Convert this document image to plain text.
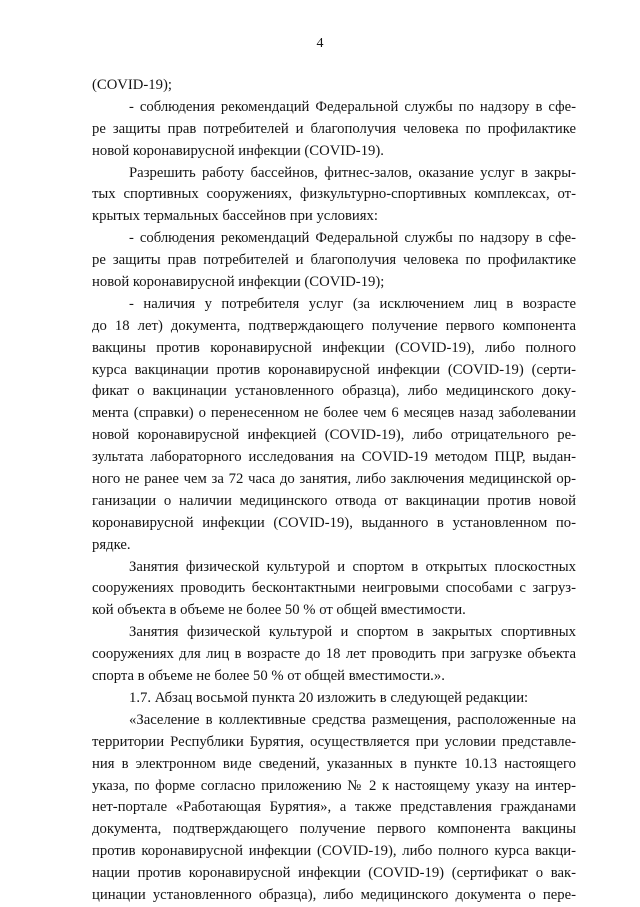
4
(COVID-19);
- соблюдения рекомендаций Федеральной службы по надзору в сфе-
ре защиты прав потребителей и благополучия человека по профилактике
новой коронавирусной инфекции (COVID-19).
Разрешить работу бассейнов, фитнес-залов, оказание услуг в закры-
тых спортивных сооружениях, физкультурно-спортивных комплексах, от-
крытых термальных бассейнов при условиях:
- соблюдения рекомендаций Федеральной службы по надзору в сфе-
ре защиты прав потребителей и благополучия человека по профилактике
новой коронавирусной инфекции (COVID-19);
- наличия у потребителя услуг (за исключением лиц в возрасте
до 18 лет) документа, подтверждающего получение первого компонента
вакцины против коронавирусной инфекции (COVID-19), либо полного
курса вакцинации против коронавирусной инфекции (COVID-19) (серти-
фикат о вакцинации установленного образца), либо медицинского доку-
мента (справки) о перенесенном не более чем 6 месяцев назад заболевании
новой коронавирусной инфекцией (COVID-19), либо отрицательного ре-
зультата лабораторного исследования на COVID-19 методом ПЦР, выдан-
ного не ранее чем за 72 часа до занятия, либо заключения медицинской ор-
ганизации о наличии медицинского отвода от вакцинации против новой
коронавирусной инфекции (COVID-19), выданного в установленном по-
рядке.
Занятия физической культурой и спортом в открытых плоскостных
сооружениях проводить бесконтактными неигровыми способами с загруз-
кой объекта в объеме не более 50 % от общей вместимости.
Занятия физической культурой и спортом в закрытых спортивных
сооружениях для лиц в возрасте до 18 лет проводить при загрузке объекта
спорта в объеме не более 50 % от общей вместимости.».
1.7. Абзац восьмой пункта 20 изложить в следующей редакции:
«Заселение в коллективные средства размещения, расположенные на
территории Республики Бурятия, осуществляется при условии представле-
ния в электронном виде сведений, указанных в пункте 10.13 настоящего
указа, по форме согласно приложению № 2 к настоящему указу на интер-
нет-портале «Работающая Бурятия», а также представления гражданами
документа, подтверждающего получение первого компонента вакцины
против коронавирусной инфекции (COVID-19), либо полного курса вакци-
нации против коронавирусной инфекции (COVID-19) (сертификат о вак-
цинации установленного образца), либо медицинского документа о пере-
